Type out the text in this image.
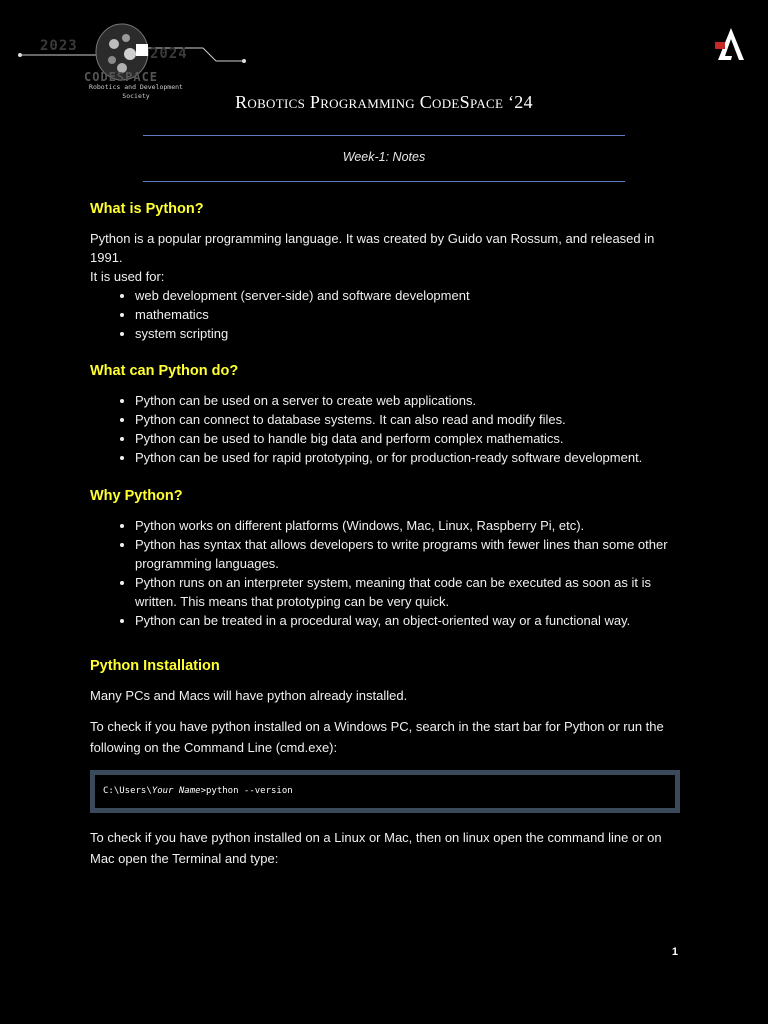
2023	2024
CODESPACE
Robotics and Development
Society	Robotics Programming CodeSpace ‘24
Week-1: Notes
What is Python?

Python is a popular programming language. It was created by Guido van Rossum, and released in 1991.

It is used for:

• web development (server-side) and software development
• mathematics
• system scripting
What can Python do?
• Python can be used on a server to create web applications.
• Python can connect to database systems. It can also read and modify files.
• Python can be used to handle big data and perform complex mathematics.
• Python can be used for rapid prototyping, or for production-ready software development.
Why Python?
• Python works on different platforms (Windows, Mac, Linux, Raspberry Pi, etc).
• Python has syntax that allows developers to write programs with fewer lines than some other programming languages.
• Python runs on an interpreter system, meaning that code can be executed as soon as it is written. This means that prototyping can be very quick.
• Python can be treated in a procedural way, an object-oriented way or a functional way.
Python Installation

Many PCs and Macs will have python already installed.

To check if you have python installed on a Windows PC, search in the start bar for Python or run the following on the Command Line (cmd.exe):

C:\Users\Your Name>python --version

To check if you have python installed on a Linux or Mac, then on linux open the command line or on Mac open the Terminal and type:

1
